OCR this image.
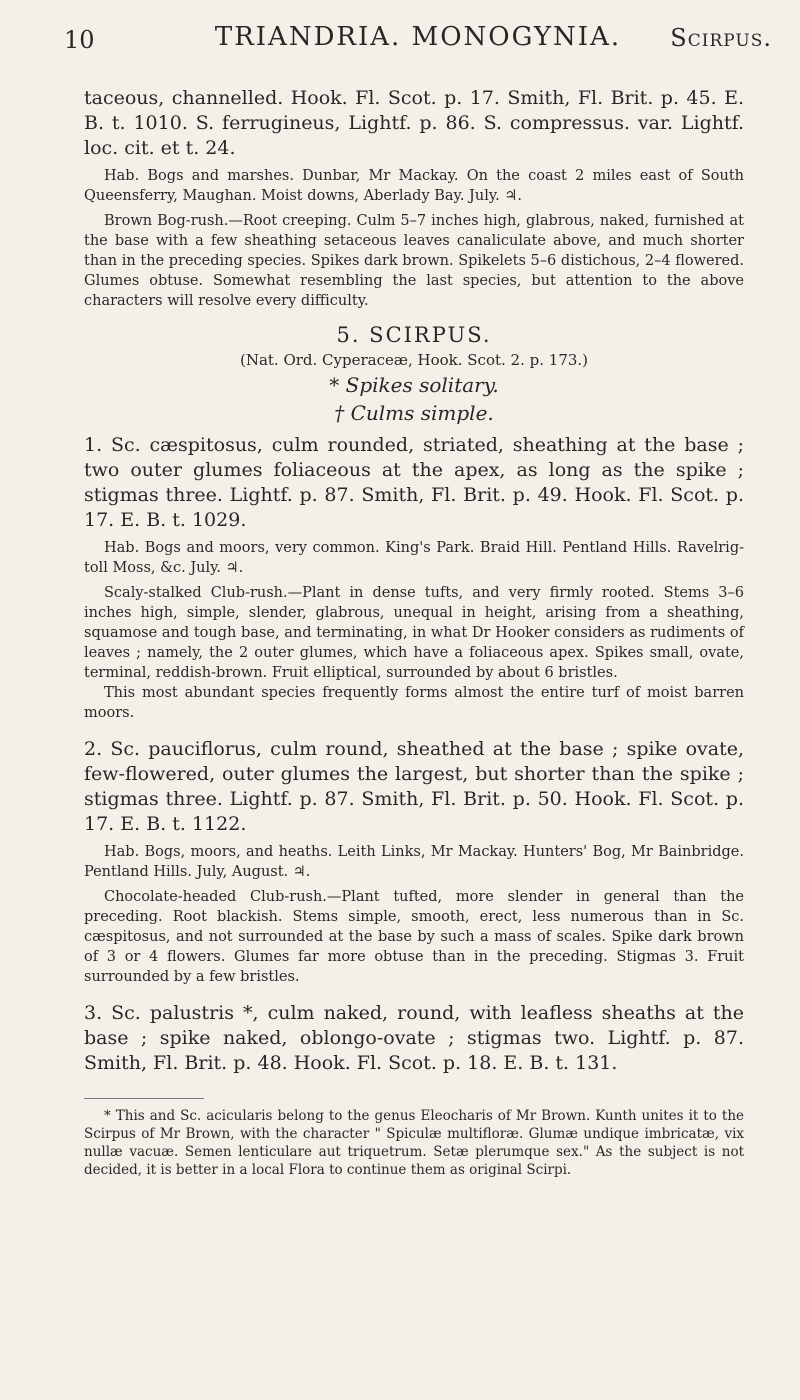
10	TRIANDRIA. MONOGYNIA.	Scirpus.

taceous, channelled. Hook. Fl. Scot. p. 17. Smith, Fl. Brit. p. 45. E. B. t. 1010. S. ferrugineus, Lightf. p. 86. S. compressus. var. Lightf. loc. cit. et t. 24.

Hab. Bogs and marshes. Dunbar, Mr Mackay. On the coast 2 miles east of South Queensferry, Maughan. Moist downs, Aberlady Bay. July. ♃.

Brown Bog-rush.—Root creeping. Culm 5–7 inches high, glabrous, naked, furnished at the base with a few sheathing setaceous leaves canaliculate above, and much shorter than in the preceding species. Spikes dark brown. Spikelets 5–6 distichous, 2–4 flowered. Glumes obtuse. Somewhat resembling the last species, but attention to the above characters will resolve every difficulty.

5. SCIRPUS.
(Nat. Ord. Cyperaceæ, Hook. Scot. 2. p. 173.)
* Spikes solitary.
† Culms simple.

1. Sc. cæspitosus, culm rounded, striated, sheathing at the base ; two outer glumes foliaceous at the apex, as long as the spike ; stigmas three. Lightf. p. 87. Smith, Fl. Brit. p. 49. Hook. Fl. Scot. p. 17. E. B. t. 1029.

Hab. Bogs and moors, very common. King's Park. Braid Hill. Pentland Hills. Ravelrig-toll Moss, &c. July. ♃.

Scaly-stalked Club-rush.—Plant in dense tufts, and very firmly rooted. Stems 3–6 inches high, simple, slender, glabrous, unequal in height, arising from a sheathing, squamose and tough base, and terminating, in what Dr Hooker considers as rudiments of leaves ; namely, the 2 outer glumes, which have a foliaceous apex. Spikes small, ovate, terminal, reddish-brown. Fruit elliptical, surrounded by about 6 bristles.

This most abundant species frequently forms almost the entire turf of moist barren moors.

2. Sc. pauciflorus, culm round, sheathed at the base ; spike ovate, few-flowered, outer glumes the largest, but shorter than the spike ; stigmas three. Lightf. p. 87. Smith, Fl. Brit. p. 50. Hook. Fl. Scot. p. 17. E. B. t. 1122.

Hab. Bogs, moors, and heaths. Leith Links, Mr Mackay. Hunters' Bog, Mr Bainbridge. Pentland Hills. July, August. ♃.

Chocolate-headed Club-rush.—Plant tufted, more slender in general than the preceding. Root blackish. Stems simple, smooth, erect, less numerous than in Sc. cæspitosus, and not surrounded at the base by such a mass of scales. Spike dark brown of 3 or 4 flowers. Glumes far more obtuse than in the preceding. Stigmas 3. Fruit surrounded by a few bristles.

3. Sc. palustris *, culm naked, round, with leafless sheaths at the base ; spike naked, oblongo-ovate ; stigmas two. Lightf. p. 87. Smith, Fl. Brit. p. 48. Hook. Fl. Scot. p. 18. E. B. t. 131.

* This and Sc. acicularis belong to the genus Eleocharis of Mr Brown. Kunth unites it to the Scirpus of Mr Brown, with the character " Spiculæ multifloræ. Glumæ undique imbricatæ, vix nullæ vacuæ. Semen lenticulare aut triquetrum. Setæ plerumque sex." As the subject is not decided, it is better in a local Flora to continue them as original Scirpi.
